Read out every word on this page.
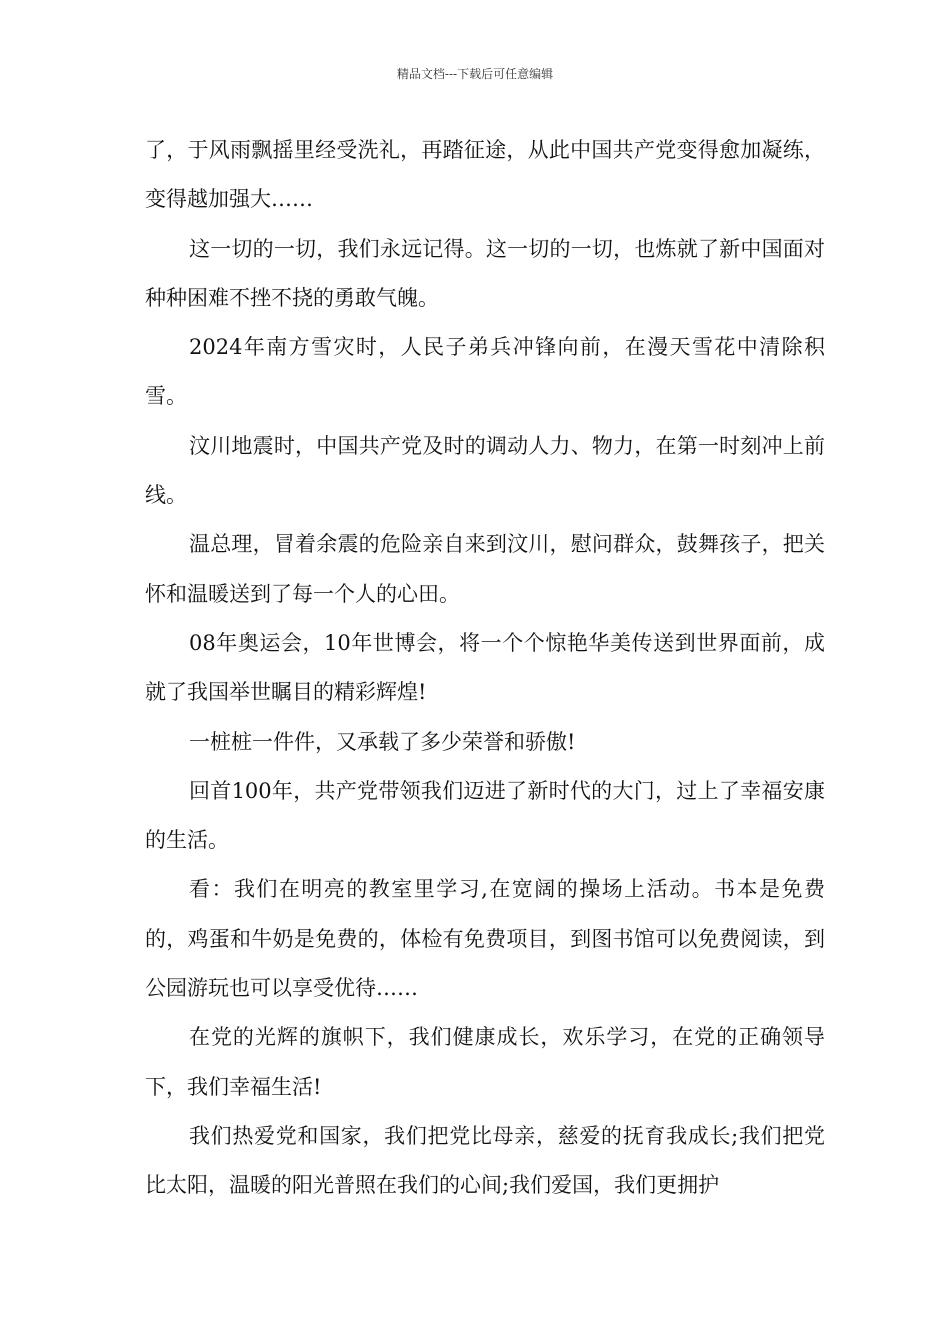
精品文档---下载后可任意编辑

了，于风雨飘摇里经受洗礼，再踏征途，从此中国共产党变得愈加凝练，变得越加强大……

这一切的一切，我们永远记得。这一切的一切，也炼就了新中国面对种种困难不挫不挠的勇敢气魄。

2024年南方雪灾时，人民子弟兵冲锋向前，在漫天雪花中清除积雪。

汶川地震时，中国共产党及时的调动人力、物力，在第一时刻冲上前线。

温总理，冒着余震的危险亲自来到汶川，慰问群众，鼓舞孩子，把关怀和温暖送到了每一个人的心田。

08年奥运会，10年世博会，将一个个惊艳华美传送到世界面前，成就了我国举世瞩目的精彩辉煌!

一桩桩一件件，又承载了多少荣誉和骄傲!

回首100年，共产党带领我们迈进了新时代的大门，过上了幸福安康的生活。

看：我们在明亮的教室里学习,在宽阔的操场上活动。书本是免费的，鸡蛋和牛奶是免费的，体检有免费项目，到图书馆可以免费阅读，到公园游玩也可以享受优待……

在党的光辉的旗帜下，我们健康成长，欢乐学习，在党的正确领导下，我们幸福生活!

我们热爱党和国家，我们把党比母亲，慈爱的抚育我成长;我们把党比太阳，温暖的阳光普照在我们的心间;我们爱国，我们更拥护
